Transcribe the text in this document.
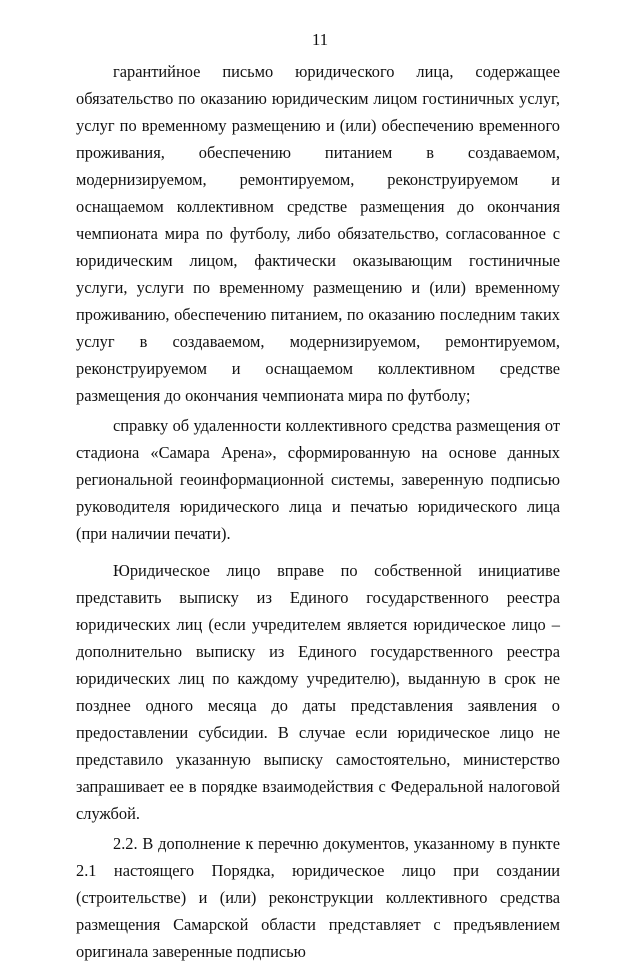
11

гарантийное письмо юридического лица, содержащее обязательство по оказанию юридическим лицом гостиничных услуг, услуг по временному размещению и (или) обеспечению временного проживания, обеспечению питанием в создаваемом, модернизируемом, ремонтируемом, реконструируемом и оснащаемом коллективном средстве размещения до окончания чемпионата мира по футболу, либо обязательство, согласованное с юридическим лицом, фактически оказывающим гостиничные услуги, услуги по временному размещению и (или) временному проживанию, обеспечению питанием, по оказанию последним таких услуг в создаваемом, модернизируемом, ремонтируемом, реконструируемом и оснащаемом коллективном средстве размещения до окончания чемпионата мира по футболу;

справку об удаленности коллективного средства размещения от стадиона «Самара Арена», сформированную на основе данных региональной геоинформационной системы, заверенную подписью руководителя юридического лица и печатью юридического лица (при наличии печати).

Юридическое лицо вправе по собственной инициативе представить выписку из Единого государственного реестра юридических лиц (если учредителем является юридическое лицо – дополнительно выписку из Единого государственного реестра юридических лиц по каждому учредителю), выданную в срок не позднее одного месяца до даты представления заявления о предоставлении субсидии. В случае если юридическое лицо не представило указанную выписку самостоятельно, министерство запрашивает ее в порядке взаимодействия с Федеральной налоговой службой.

2.2. В дополнение к перечню документов, указанному в пункте 2.1 настоящего Порядка, юридическое лицо при создании (строительстве) и (или) реконструкции коллективного средства размещения Самарской области представляет с предъявлением оригинала заверенные подписью
